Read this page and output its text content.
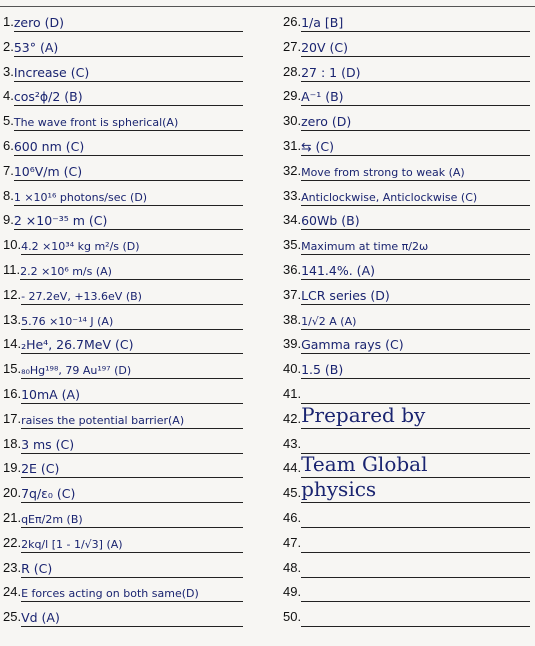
1. zero (D)
2. 53° (A)
3. Increase (C)
4. cos²ϕ/2 (B)
5. The wave front is spherical(A)
6. 600 nm (C)
7. 10⁶V/m (C)
8. 1 ×10¹⁶ photons/sec (D)
9. 2 ×10⁻³⁵ m (C)
10. 4.2 ×10³⁴ kg m²/s (D)
11. 2.2 ×10⁶ m/s (A)
12. - 27.2eV, +13.6eV (B)
13. 5.76 ×10⁻¹⁴ J (A)
14. ₂He⁴, 26.7MeV (C)
15. ₈₀Hg¹⁹⁸, 79 Au¹⁹⁷ (D)
16. 10mA (A)
17. raises the potential barrier(A)
18. 3 ms (C)
19. 2E (C)
20. 7q/ε₀ (C)
21. qEπ/2m (B)
22. 2kq/l [1 - 1/√3] (A)
23. R (C)
24. E forces acting on both same(D)
25. Vd (A)
26. 1/a [B]
27. 20V (C)
28. 27 : 1 (D)
29. A⁻¹ (B)
30. zero (D)
31. ⇆ (C)
32. Move from strong to weak (A)
33. Anticlockwise, Anticlockwise (C)
34. 60Wb (B)
35. Maximum at time π/2ω
36. 141.4%. (A)
37. LCR series (D)
38. 1/√2 A (A)
39. Gamma rays (C)
40. 1.5 (B)
41.
42. Prepared by
43.
44. Team Global
45. physics
46.
47.
48.
49.
50.
